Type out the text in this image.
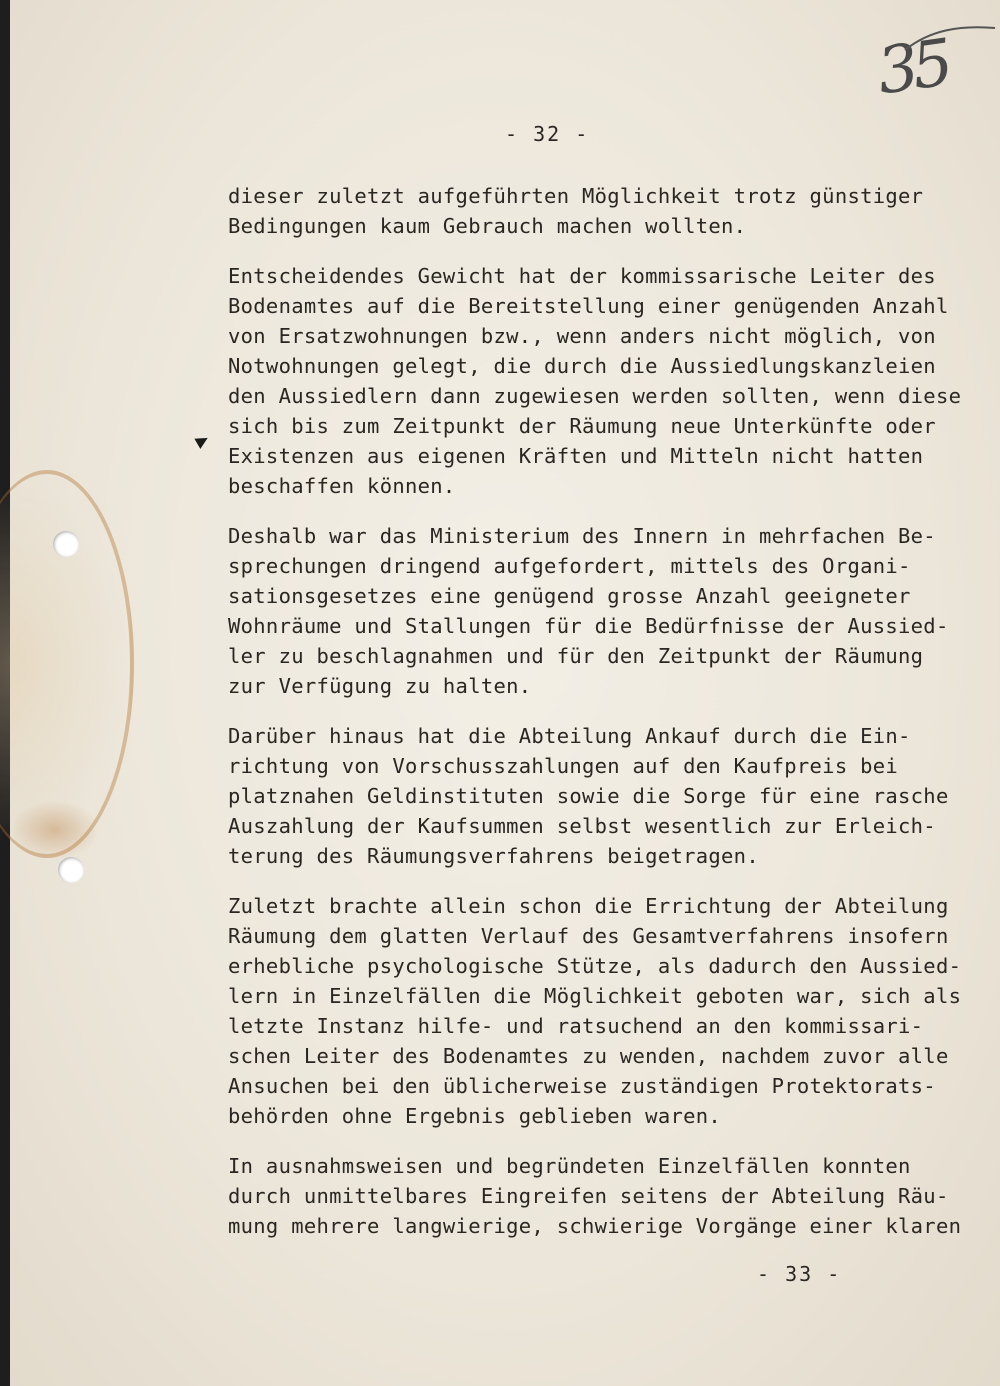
35
- 32 -
▲
dieser zuletzt aufgeführten Möglichkeit trotz günstiger
Bedingungen kaum Gebrauch machen wollten.
Entscheidendes Gewicht hat der kommissarische Leiter des
Bodenamtes auf die Bereitstellung einer genügenden Anzahl
von Ersatzwohnungen bzw., wenn anders nicht möglich, von
Notwohnungen gelegt, die durch die Aussiedlungskanzleien
den Aussiedlern dann zugewiesen werden sollten, wenn diese
sich bis zum Zeitpunkt der Räumung neue Unterkünfte oder
Existenzen aus eigenen Kräften und Mitteln nicht hatten
beschaffen können.
Deshalb war das Ministerium des Innern in mehrfachen Be-
sprechungen dringend aufgefordert, mittels des Organi-
sationsgesetzes eine genügend grosse Anzahl geeigneter
Wohnräume und Stallungen für die Bedürfnisse der Aussied-
ler zu beschlagnahmen und für den Zeitpunkt der Räumung
zur Verfügung zu halten.
Darüber hinaus hat die Abteilung Ankauf durch die Ein-
richtung von Vorschusszahlungen auf den Kaufpreis bei
platznahen Geldinstituten sowie die Sorge für eine rasche
Auszahlung der Kaufsummen selbst wesentlich zur Erleich-
terung des Räumungsverfahrens beigetragen.
Zuletzt brachte allein schon die Errichtung der Abteilung
Räumung dem glatten Verlauf des Gesamtverfahrens insofern
erhebliche psychologische Stütze, als dadurch den Aussied-
lern in Einzelfällen die Möglichkeit geboten war, sich als
letzte Instanz hilfe- und ratsuchend an den kommissari-
schen Leiter des Bodenamtes zu wenden, nachdem zuvor alle
Ansuchen bei den üblicherweise zuständigen Protektorats-
behörden ohne Ergebnis geblieben waren.
In ausnahmsweisen und begründeten Einzelfällen konnten
durch unmittelbares Eingreifen seitens der Abteilung Räu-
mung mehrere langwierige, schwierige Vorgänge einer klaren
- 33 -
